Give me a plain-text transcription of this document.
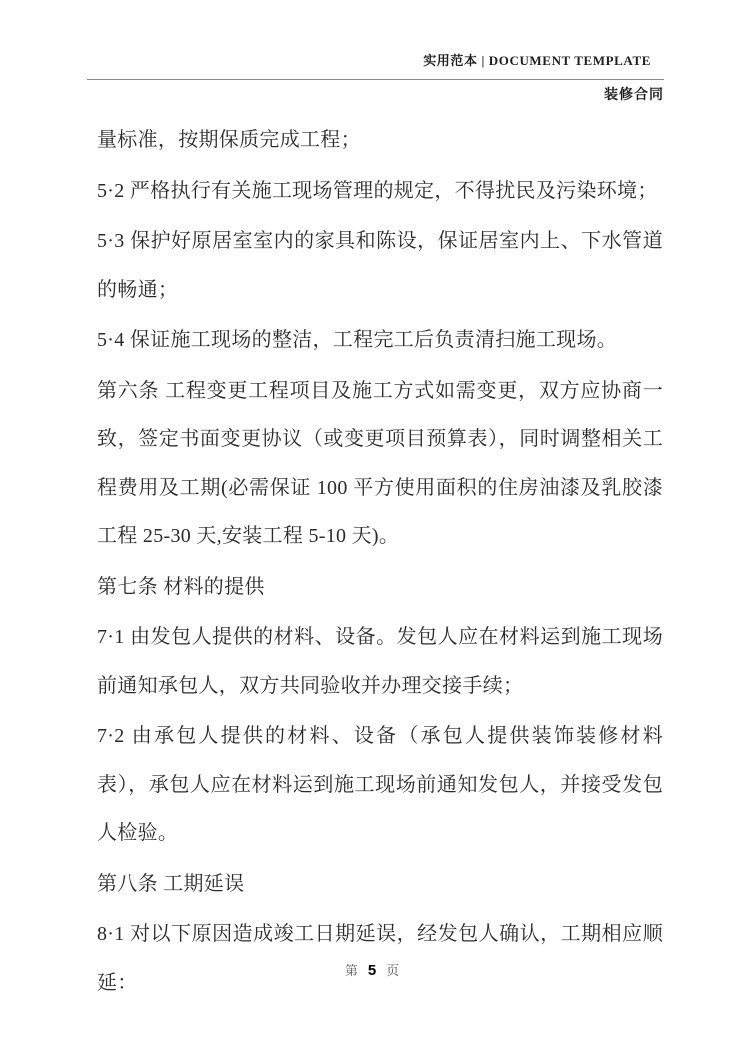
实用范本 | DOCUMENT TEMPLATE
装修合同

量标准，按期保质完成工程；

5·2 严格执行有关施工现场管理的规定，不得扰民及污染环境；

5·3 保护好原居室室内的家具和陈设，保证居室内上、下水管道的畅通；

5·4 保证施工现场的整洁，工程完工后负责清扫施工现场。

第六条 工程变更工程项目及施工方式如需变更，双方应协商一致，签定书面变更协议（或变更项目预算表），同时调整相关工程费用及工期(必需保证 100 平方使用面积的住房油漆及乳胶漆工程 25-30 天,安装工程 5-10 天)。

第七条 材料的提供

7·1 由发包人提供的材料、设备。发包人应在材料运到施工现场前通知承包人，双方共同验收并办理交接手续；

7·2 由承包人提供的材料、设备（承包人提供装饰装修材料表），承包人应在材料运到施工现场前通知发包人，并接受发包人检验。

第八条 工期延误

8·1 对以下原因造成竣工日期延误，经发包人确认，工期相应顺延：

第 5 页
